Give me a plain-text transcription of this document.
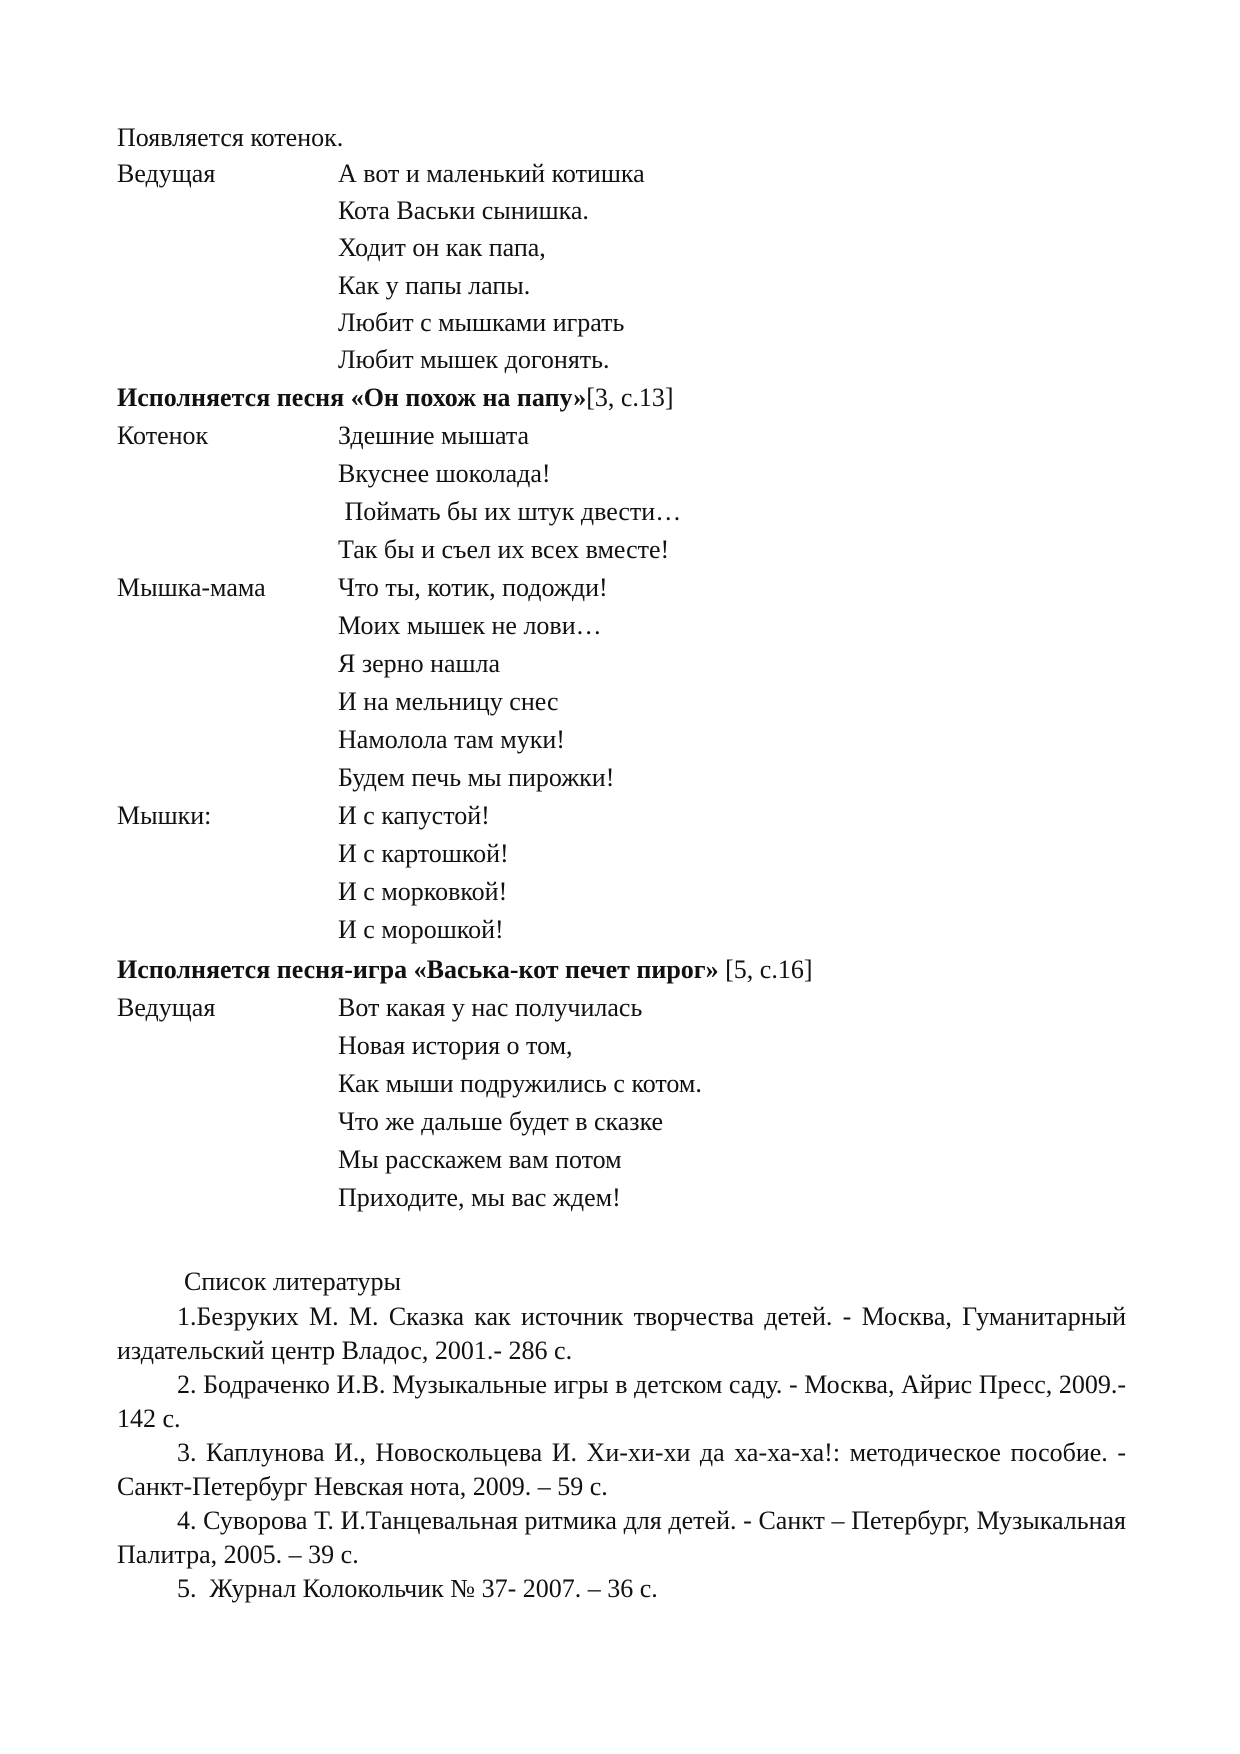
Появляется котенок.
Ведущая	А вот и маленький котишка
Кота Васьки сынишка.
Ходит он как папа,
Как у папы лапы.
Любит с мышками играть
Любит мышек догонять.
Исполняется песня «Он похож на папу»[3, с.13]
Котенок	Здешние мышата
Вкуснее шоколада!
Поймать бы их штук двести…
Так бы и съел их всех вместе!
Мышка-мама	Что ты, котик, подожди!
Моих мышек не лови…
Я зерно нашла
И на мельницу снес
Намолола там муки!
Будем печь мы пирожки!
Мышки:	И с капустой!
И с картошкой!
И с морковкой!
И с морошкой!
Исполняется песня-игра «Васька-кот печет пирог» [5, с.16]
Ведущая	Вот какая у нас получилась
Новая история о том,
Как мыши подружились с котом.
Что же дальше будет в сказке
Мы расскажем вам потом
Приходите, мы вас ждем!
Список литературы

1.Безруких М. М. Сказка как источник творчества детей. - Москва, Гуманитарный издательский центр Владос, 2001.- 286 с.

2. Бодраченко И.В. Музыкальные игры в детском саду. - Москва, Айрис Пресс, 2009.- 142 с.

3. Каплунова И., Новоскольцева И. Хи-хи-хи да ха-ха-ха!: методическое пособие. - Санкт-Петербург Невская нота, 2009. – 59 с.

4. Суворова Т. И.Танцевальная ритмика для детей. - Санкт – Петербург, Музыкальная Палитра, 2005. – 39 с.

5.  Журнал Колокольчик № 37- 2007. – 36 с.
